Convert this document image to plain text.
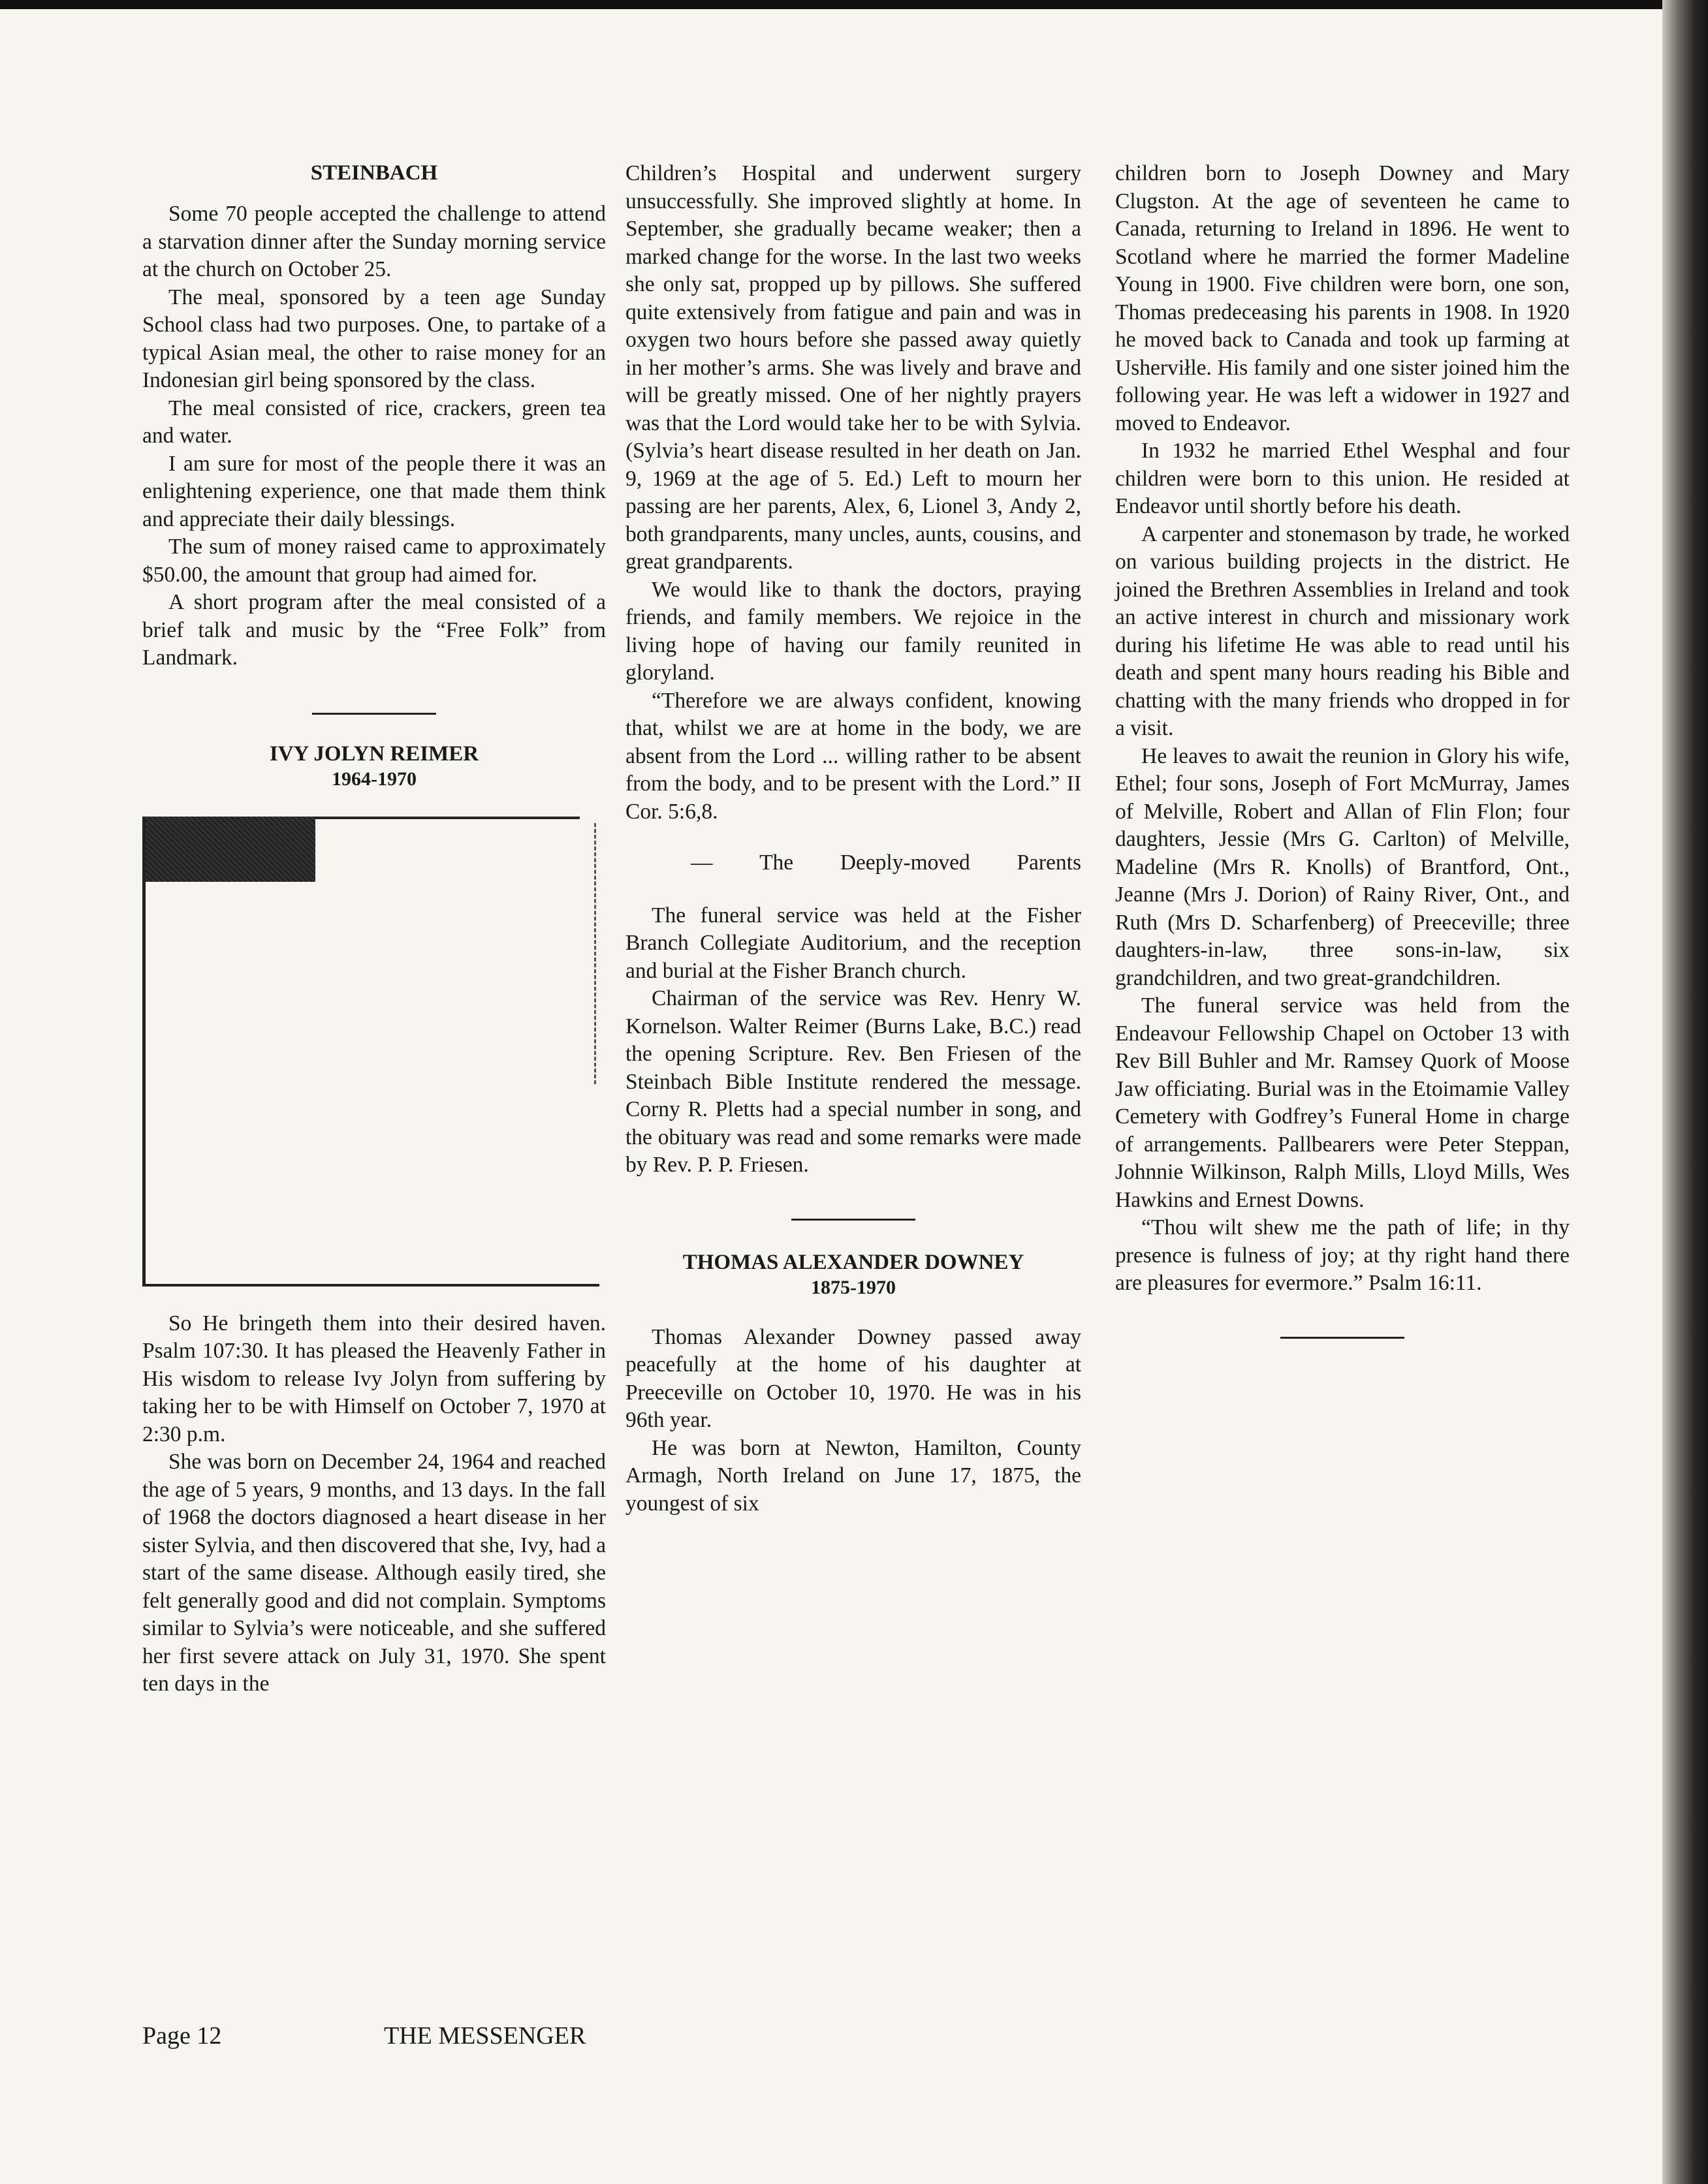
STEINBACH

Some 70 people accepted the challenge to attend a starvation dinner after the Sunday morning service at the church on October 25.

The meal, sponsored by a teen age Sunday School class had two purposes. One, to partake of a typical Asian meal, the other to raise money for an Indonesian girl being sponsored by the class.

The meal consisted of rice, crackers, green tea and water.

I am sure for most of the people there it was an enlightening experience, one that made them think and appreciate their daily blessings.

The sum of money raised came to approximately $50.00, the amount that group had aimed for.

A short program after the meal consisted of a brief talk and music by the “Free Folk” from Landmark.

IVY JOLYN REIMER
1964-1970

So He bringeth them into their desired haven. Psalm 107:30. It has pleased the Heavenly Father in His wisdom to release Ivy Jolyn from suffering by taking her to be with Himself on October 7, 1970 at 2:30 p.m.

She was born on December 24, 1964 and reached the age of 5 years, 9 months, and 13 days. In the fall of 1968 the doctors diagnosed a heart disease in her sister Sylvia, and then discovered that she, Ivy, had a start of the same disease. Although easily tired, she felt generally good and did not complain. Symptoms similar to Sylvia’s were noticeable, and she suffered her first severe attack on July 31, 1970. She spent ten days in the

Children’s Hospital and underwent surgery unsuccessfully. She improved slightly at home. In September, she gradually became weaker; then a marked change for the worse. In the last two weeks she only sat, propped up by pillows. She suffered quite extensively from fatigue and pain and was in oxygen two hours before she passed away quietly in her mother’s arms. She was lively and brave and will be greatly missed. One of her nightly prayers was that the Lord would take her to be with Sylvia. (Sylvia’s heart disease resulted in her death on Jan. 9, 1969 at the age of 5. Ed.) Left to mourn her passing are her parents, Alex, 6, Lionel 3, Andy 2, both grandparents, many uncles, aunts, cousins, and great grandparents.

We would like to thank the doctors, praying friends, and family members. We rejoice in the living hope of having our family reunited in gloryland.

“Therefore we are always confident, knowing that, whilst we are at home in the body, we are absent from the Lord ... willing rather to be absent from the body, and to be present with the Lord.” II Cor. 5:6,8.

— The Deeply-moved Parents

The funeral service was held at the Fisher Branch Collegiate Auditorium, and the reception and burial at the Fisher Branch church.

Chairman of the service was Rev. Henry W. Kornelson. Walter Reimer (Burns Lake, B.C.) read the opening Scripture. Rev. Ben Friesen of the Steinbach Bible Institute rendered the message. Corny R. Pletts had a special number in song, and the obituary was read and some remarks were made by Rev. P. P. Friesen.

THOMAS ALEXANDER DOWNEY
1875-1970

Thomas Alexander Downey passed away peacefully at the home of his daughter at Preeceville on October 10, 1970. He was in his 96th year.

He was born at Newton, Hamilton, County Armagh, North Ireland on June 17, 1875, the youngest of six

children born to Joseph Downey and Mary Clugston. At the age of seventeen he came to Canada, returning to Ireland in 1896. He went to Scotland where he married the former Madeline Young in 1900. Five children were born, one son, Thomas predeceasing his parents in 1908. In 1920 he moved back to Canada and took up farming at Usherviłle. His family and one sister joined him the following year. He was left a widower in 1927 and moved to Endeavor.

In 1932 he married Ethel Wesphal and four children were born to this union. He resided at Endeavor until shortly before his death.

A carpenter and stonemason by trade, he worked on various building projects in the district. He joined the Brethren Assemblies in Ireland and took an active interest in church and missionary work during his lifetime He was able to read until his death and spent many hours reading his Bible and chatting with the many friends who dropped in for a visit.

He leaves to await the reunion in Glory his wife, Ethel; four sons, Joseph of Fort McMurray, James of Melville, Robert and Allan of Flin Flon; four daughters, Jessie (Mrs G. Carlton) of Melville, Madeline (Mrs R. Knolls) of Brantford, Ont., Jeanne (Mrs J. Dorion) of Rainy River, Ont., and Ruth (Mrs D. Scharfenberg) of Preeceville; three daughters-in-law, three sons-in-law, six grandchildren, and two great-grandchildren.

The funeral service was held from the Endeavour Fellowship Chapel on October 13 with Rev Bill Buhler and Mr. Ramsey Quork of Moose Jaw officiating. Burial was in the Etoimamie Valley Cemetery with Godfrey’s Funeral Home in charge of arrangements. Pallbearers were Peter Steppan, Johnnie Wilkinson, Ralph Mills, Lloyd Mills, Wes Hawkins and Ernest Downs.

“Thou wilt shew me the path of life; in thy presence is fulness of joy; at thy right hand there are pleasures for evermore.” Psalm 16:11.

Page 12	THE MESSENGER
